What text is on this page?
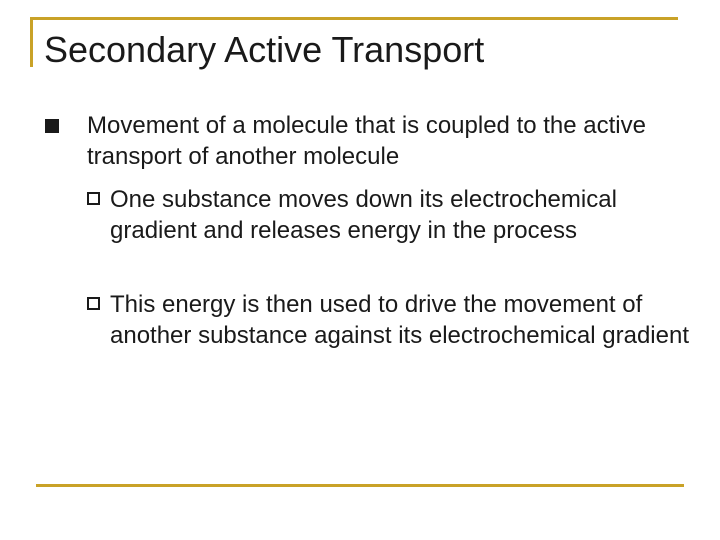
Secondary Active Transport
Movement of a molecule that is coupled to the active transport of another molecule
One substance moves down its electrochemical gradient and releases energy in the process
This energy is then used to drive the movement of another substance against its electrochemical gradient
